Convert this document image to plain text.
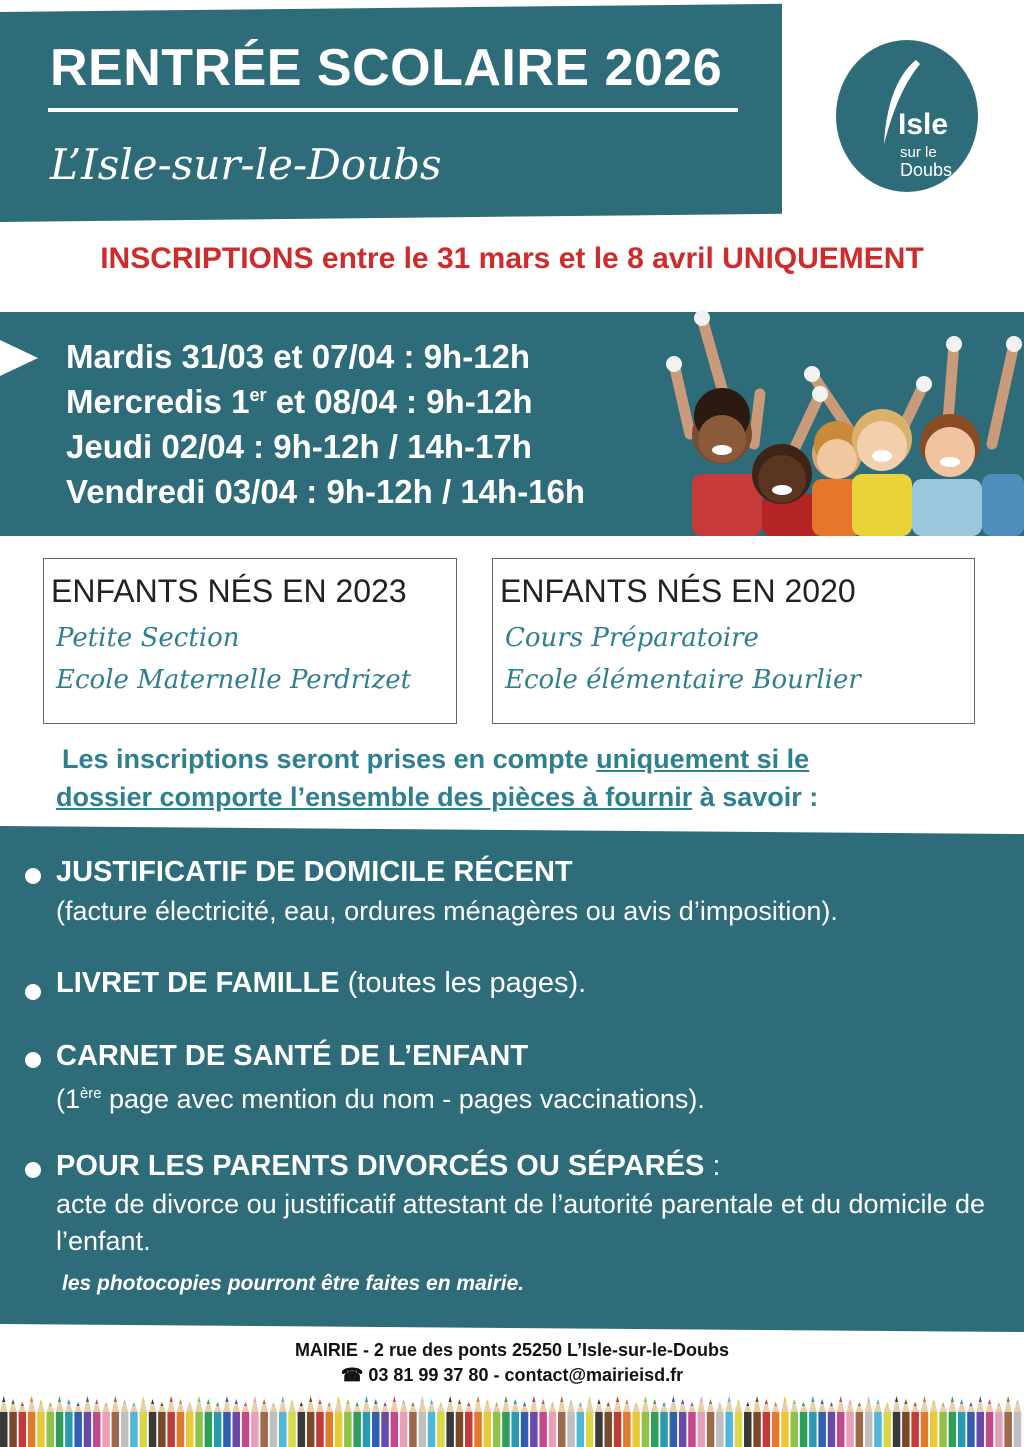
RENTRÉE SCOLAIRE 2026
L’Isle-sur-le-Doubs
Isle
sur le
Doubs
INSCRIPTIONS entre le 31 mars et le 8 avril UNIQUEMENT
Mardis 31/03 et 07/04 : 9h-12h
Mercredis 1er et 08/04 : 9h-12h
Jeudi 02/04 : 9h-12h / 14h-17h
Vendredi 03/04 : 9h-12h / 14h-16h
ENFANTS NÉS EN 2023
Petite Section
Ecole Maternelle Perdrizet
ENFANTS NÉS EN 2020
Cours Préparatoire
Ecole élémentaire Bourlier
Les inscriptions seront prises en compte uniquement si le
dossier comporte l’ensemble des pièces à fournir à savoir :
JUSTIFICATIF DE DOMICILE RÉCENT
(facture électricité, eau, ordures ménagères ou avis d’imposition).
LIVRET DE FAMILLE (toutes les pages).
CARNET DE SANTÉ DE L’ENFANT
(1ère page avec mention du nom - pages vaccinations).
POUR LES PARENTS DIVORCÉS OU SÉPARÉS :
acte de divorce ou justificatif attestant de l’autorité parentale et du domicile de l’enfant.
les photocopies pourront être faites en mairie.
MAIRIE - 2 rue des ponts 25250 L’Isle-sur-le-Doubs
☎ 03 81 99 37 80 - contact@mairieisd.fr
